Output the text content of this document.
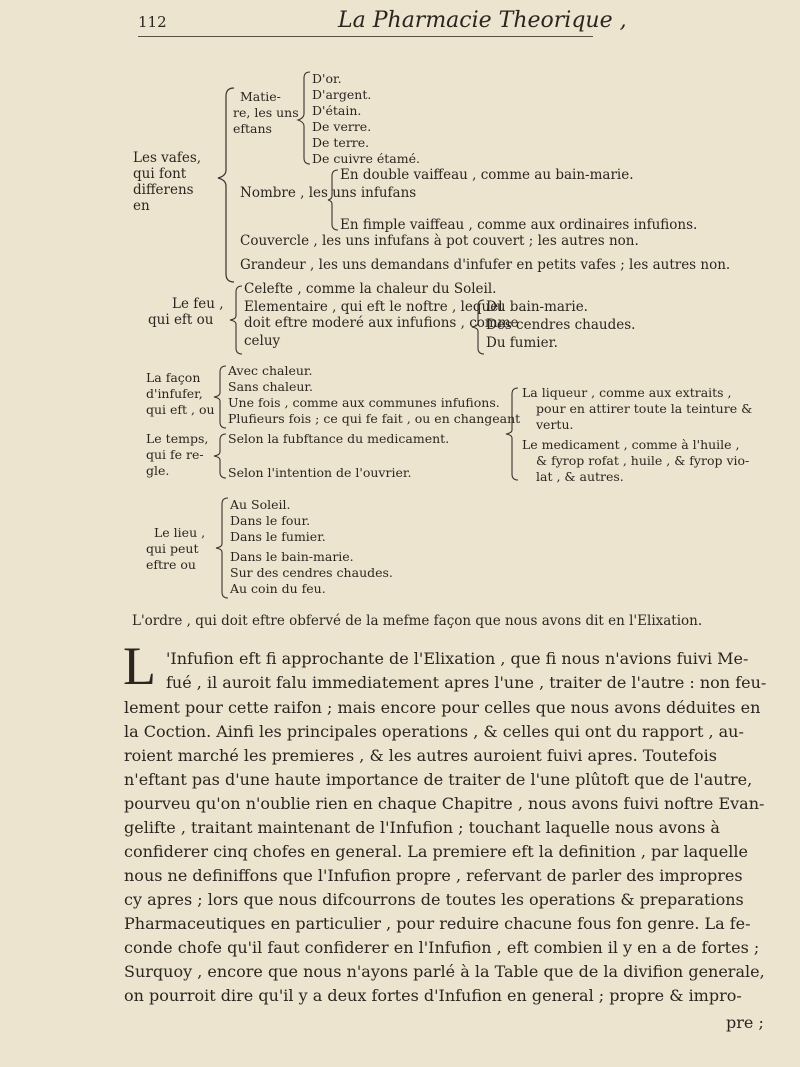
112	La Pharmacie Theorique ,
Les vafes,
qui font
differens
en
Matie-
re, les uns
eftans
D'or.
D'argent.
D'étain.
De verre.
De terre.
De cuivre étamé.
Nombre , les uns infufans
En double vaiffeau , comme au bain-marie.
En fimple vaiffeau , comme aux ordinaires infufions.
Couvercle , les uns infufans à pot couvert ; les autres non.
Grandeur , les uns demandans d'infufer en petits vafes ; les autres non.
Le feu ,
qui eft ou
Celefte , comme la chaleur du Soleil.
Elementaire , qui eft le noftre , lequel
doit eftre moderé aux infufions , comme
celuy
Du bain-marie.
Des cendres chaudes.
Du fumier.
La façon
d'infufer,
qui eft , ou
Avec chaleur.
Sans chaleur.
Une fois , comme aux communes infufions.
Plufieurs fois ; ce qui fe fait , ou en changeant
La liqueur , comme aux extraits ,
pour en attirer toute la teinture &
vertu.
Le medicament , comme à l'huile ,
& fyrop rofat , huile , & fyrop vio-
lat , & autres.
Le temps,
qui fe re-
gle.
Selon la fubftance du medicament.
Selon l'intention de l'ouvrier.
Le lieu ,
qui peut
eftre ou
Au Soleil.
Dans le four.
Dans le fumier.
Dans le bain-marie.
Sur des cendres chaudes.
Au coin du feu.
L'ordre , qui doit eftre obfervé de la mefme façon que nous avons dit en l'Elixation.
L 'Infufion eft fi approchante de l'Elixation , que fi nous n'avions fuivi Me-
fué , il auroit falu immediatement apres l'une , traiter de l'autre : non feu-
lement pour cette raifon ; mais encore pour celles que nous avons déduites en
la Coction. Ainfi les principales operations , & celles qui ont du rapport , au-
roient marché les premieres , & les autres auroient fuivi apres. Toutefois
n'eftant pas d'une haute importance de traiter de l'une plûtoft que de l'autre,
pourveu qu'on n'oublie rien en chaque Chapitre , nous avons fuivi noftre Evan-
gelifte , traitant maintenant de l'Infufion ; touchant laquelle nous avons à
confiderer cinq chofes en general. La premiere eft la definition , par laquelle
nous ne definiffons que l'Infufion propre , refervant de parler des impropres
cy apres ; lors que nous difcourrons de toutes les operations & preparations
Pharmaceutiques en particulier , pour reduire chacune fous fon genre. La fe-
conde chofe qu'il faut confiderer en l'Infufion , eft combien il y en a de fortes ;
Surquoy , encore que nous n'ayons parlé à la Table que de la divifion generale,
on pourroit dire qu'il y a deux fortes d'Infufion en general ; propre & impro-
pre ;
